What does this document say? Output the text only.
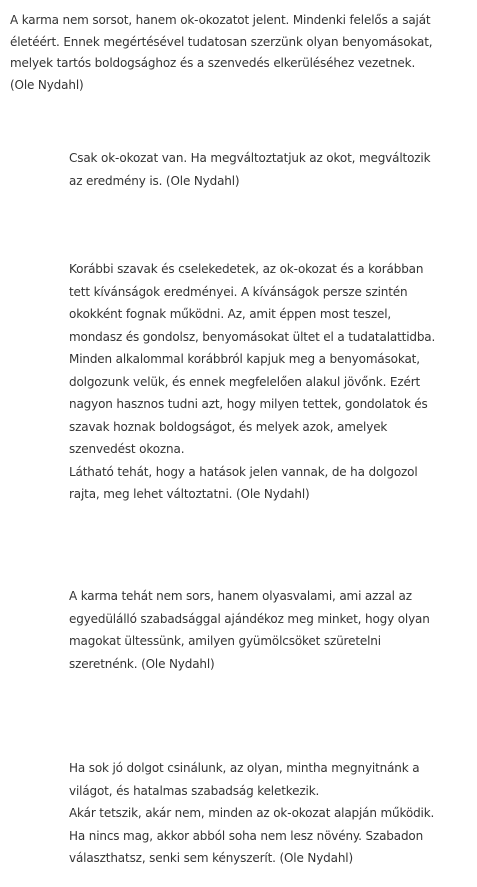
A karma nem sorsot, hanem ok-okozatot jelent. Mindenki felelős a saját
életéért. Ennek megértésével tudatosan szerzünk olyan benyomásokat,
melyek tartós boldogsághoz és a szenvedés elkerüléséhez vezetnek.
(Ole Nydahl)
Csak ok-okozat van. Ha megváltoztatjuk az okot, megváltozik
az eredmény is. (Ole Nydahl)
Korábbi szavak és cselekedetek, az ok-okozat és a korábban
tett kívánságok eredményei. A kívánságok persze szintén
okokként fognak működni. Az, amit éppen most teszel,
mondasz és gondolsz, benyomásokat ültet el a tudatalattidba.
Minden alkalommal korábbról kapjuk meg a benyomásokat,
dolgozunk velük, és ennek megfelelően alakul jövőnk. Ezért
nagyon hasznos tudni azt, hogy milyen tettek, gondolatok és
szavak hoznak boldogságot, és melyek azok, amelyek
szenvedést okozna.
Látható tehát, hogy a hatások jelen vannak, de ha dolgozol
rajta, meg lehet változtatni. (Ole Nydahl)
A karma tehát nem sors, hanem olyasvalami, ami azzal az
egyedülálló szabadsággal ajándékoz meg minket, hogy olyan
magokat ültessünk, amilyen gyümölcsöket szüretelni
szeretnénk. (Ole Nydahl)
Ha sok jó dolgot csinálunk, az olyan, mintha megnyitnánk a
világot, és hatalmas szabadság keletkezik.
Akár tetszik, akár nem, minden az ok-okozat alapján működik.
Ha nincs mag, akkor abból soha nem lesz növény. Szabadon
választhatsz, senki sem kényszerít. (Ole Nydahl)
